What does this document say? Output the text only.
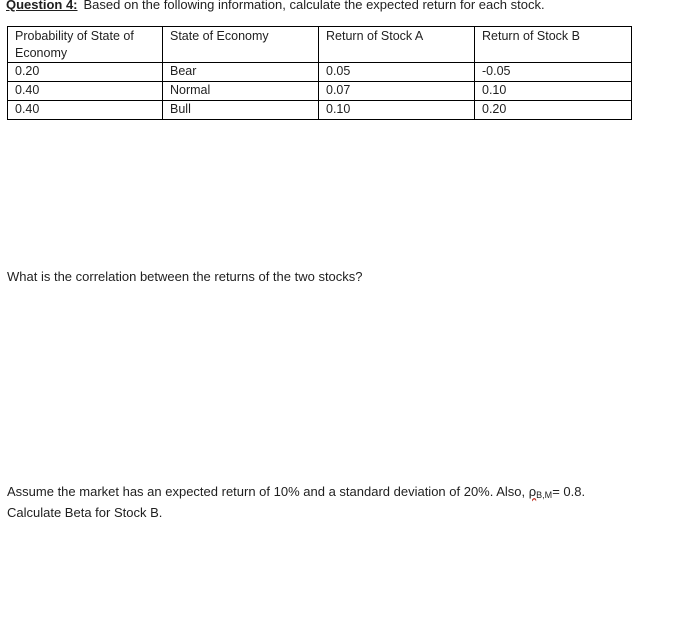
Question 4: Based on the following information, calculate the expected return for each stock.
Probability of State of Economy	State of Economy	Return of Stock A	Return of Stock B
0.20	Bear	0.05	-0.05
0.40	Normal	0.07	0.10
0.40	Bull	0.10	0.20
What is the correlation between the returns of the two stocks?
Assume the market has an expected return of 10% and a standard deviation of 20%. Also, ρB,M= 0.8.
Calculate Beta for Stock B.
